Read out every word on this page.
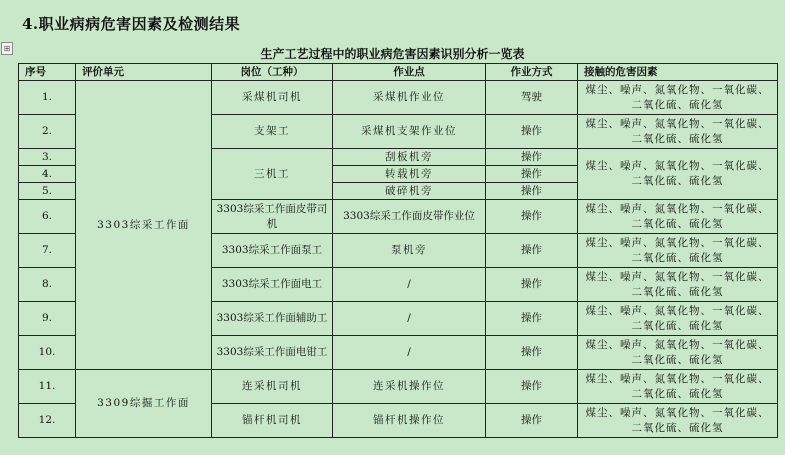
4.职业病病危害因素及检测结果
⊞	生产工艺过程中的职业病危害因素识别分析一览表
序号	评价单元	岗位（工种）	作业点	作业方式	接触的危害因素
1.	3303综采工作面	采煤机司机	采煤机作业位	驾驶	煤尘、噪声、氮氧化物、一氧化碳、
二氧化硫、硫化氢
2.		支架工	采煤机支架作业位	操作	煤尘、噪声、氮氧化物、一氧化碳、
二氧化硫、硫化氢
3.		三机工	刮板机旁	操作	煤尘、噪声、氮氧化物、一氧化碳、
二氧化硫、硫化氢
4.			转载机旁	操作	
5.			破碎机旁	操作	
6.		3303综采工作面皮带司机	3303综采工作面皮带作业位	操作	煤尘、噪声、氮氧化物、一氧化碳、
二氧化硫、硫化氢
7.		3303综采工作面泵工	泵机旁	操作	煤尘、噪声、氮氧化物、一氧化碳、
二氧化硫、硫化氢
8.		3303综采工作面电工	/	操作	煤尘、噪声、氮氧化物、一氧化碳、
二氧化硫、硫化氢
9.		3303综采工作面辅助工	/	操作	煤尘、噪声、氮氧化物、一氧化碳、
二氧化硫、硫化氢
10.		3303综采工作面电钳工	/	操作	煤尘、噪声、氮氧化物、一氧化碳、
二氧化硫、硫化氢
11.	3309综掘工作面	连采机司机	连采机操作位	操作	煤尘、噪声、氮氧化物、一氧化碳、
二氧化硫、硫化氢
12.		锚杆机司机	锚杆机操作位	操作	煤尘、噪声、氮氧化物、一氧化碳、
二氧化硫、硫化氢
